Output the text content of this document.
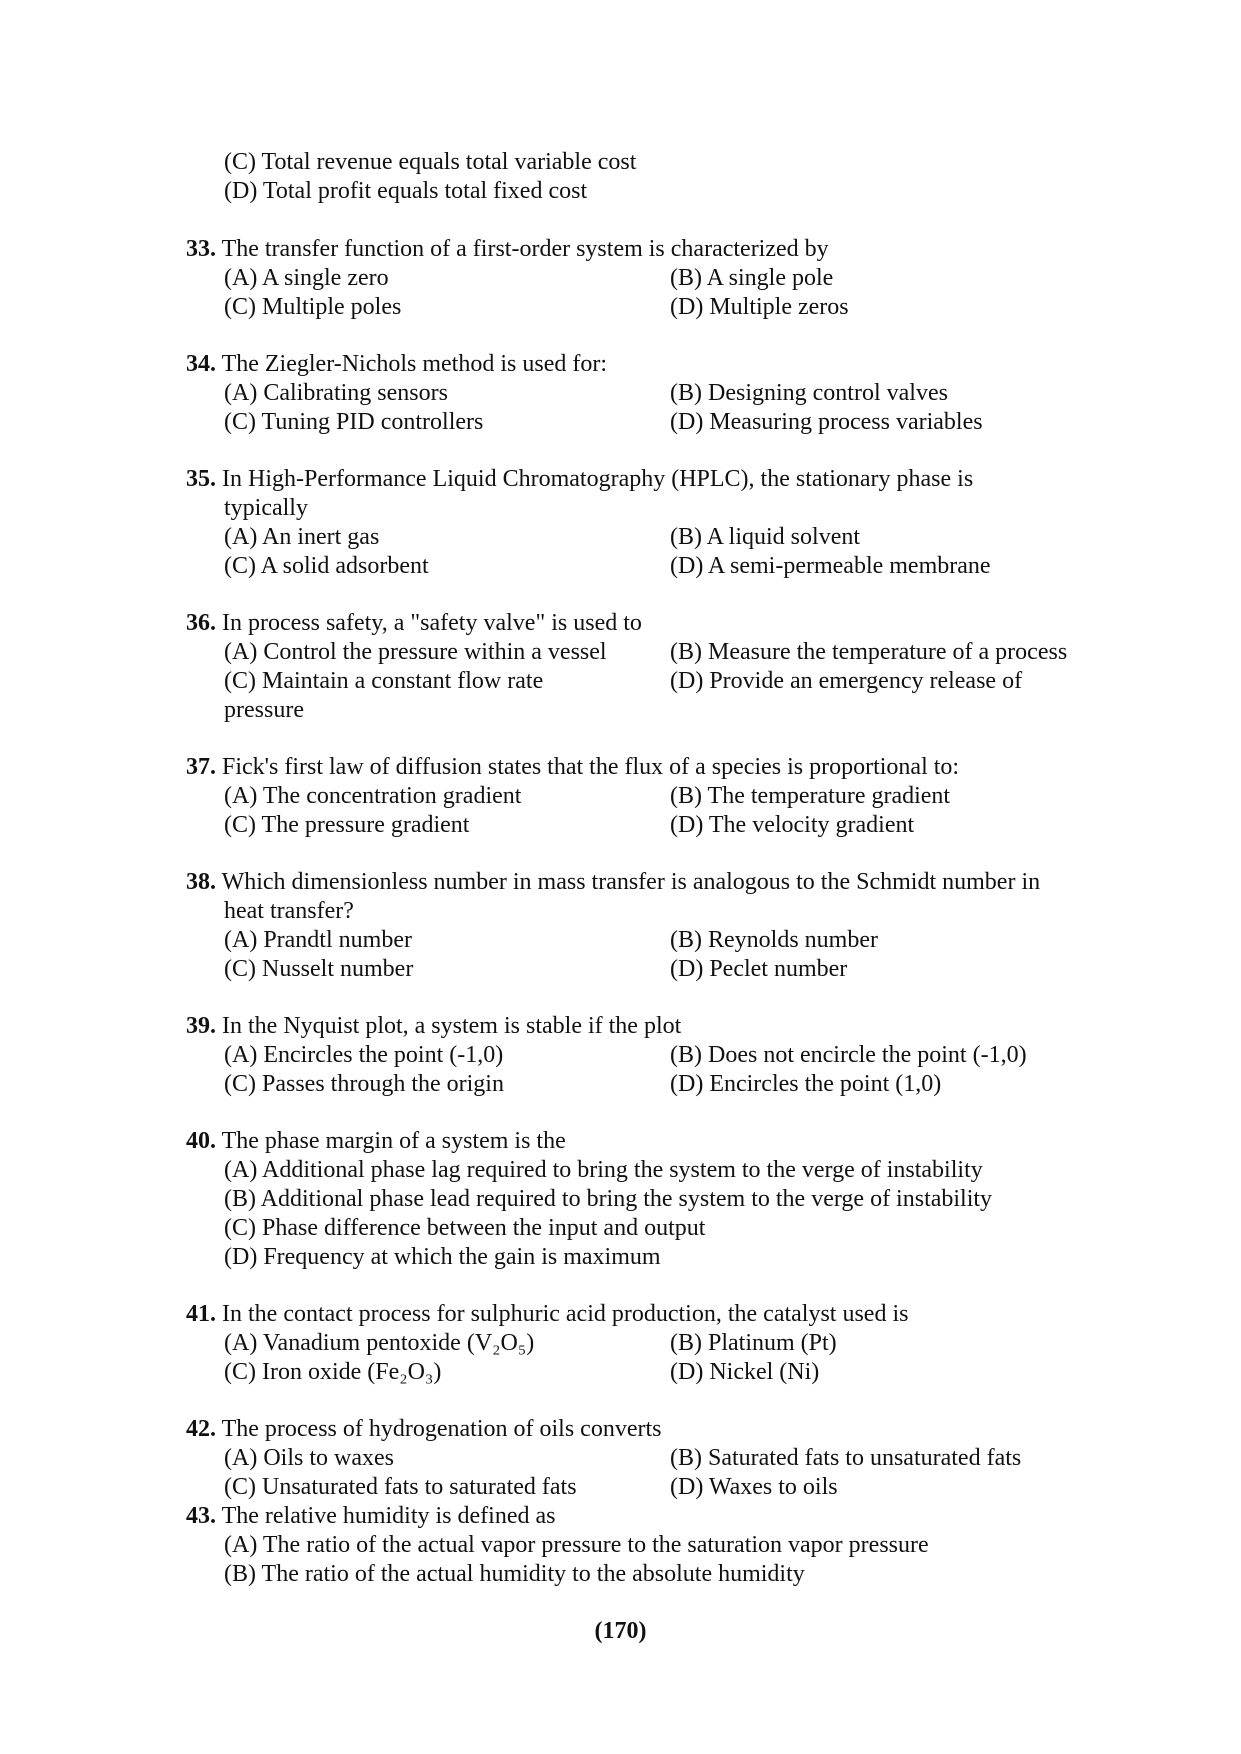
(C) Total revenue equals total variable cost
(D) Total profit equals total fixed cost
33. The transfer function of a first-order system is characterized by
(A) A single zero	(B) A single pole
(C) Multiple poles	(D) Multiple zeros
34. The Ziegler-Nichols method is used for:
(A) Calibrating sensors	(B) Designing control valves
(C) Tuning PID controllers	(D) Measuring process variables
35. In High-Performance Liquid Chromatography (HPLC), the stationary phase is
typically
(A) An inert gas	(B) A liquid solvent
(C) A solid adsorbent	(D) A semi-permeable membrane
36. In process safety, a "safety valve" is used to
(A) Control the pressure within a vessel	(B) Measure the temperature of a process
(C) Maintain a constant flow rate	(D) Provide an emergency release of
pressure
37. Fick's first law of diffusion states that the flux of a species is proportional to:
(A) The concentration gradient	(B) The temperature gradient
(C) The pressure gradient	(D) The velocity gradient
38. Which dimensionless number in mass transfer is analogous to the Schmidt number in
heat transfer?
(A) Prandtl number	(B) Reynolds number
(C) Nusselt number	(D) Peclet number
39. In the Nyquist plot, a system is stable if the plot
(A) Encircles the point (-1,0)	(B) Does not encircle the point (-1,0)
(C) Passes through the origin	(D) Encircles the point (1,0)
40. The phase margin of a system is the
(A) Additional phase lag required to bring the system to the verge of instability
(B) Additional phase lead required to bring the system to the verge of instability
(C) Phase difference between the input and output
(D) Frequency at which the gain is maximum
41. In the contact process for sulphuric acid production, the catalyst used is
(A) Vanadium pentoxide (V₂O₅)	(B) Platinum (Pt)
(C) Iron oxide (Fe₂O₃)	(D) Nickel (Ni)
42. The process of hydrogenation of oils converts
(A) Oils to waxes	(B) Saturated fats to unsaturated fats
(C) Unsaturated fats to saturated fats	(D) Waxes to oils
43. The relative humidity is defined as
(A) The ratio of the actual vapor pressure to the saturation vapor pressure
(B) The ratio of the actual humidity to the absolute humidity
(170)
